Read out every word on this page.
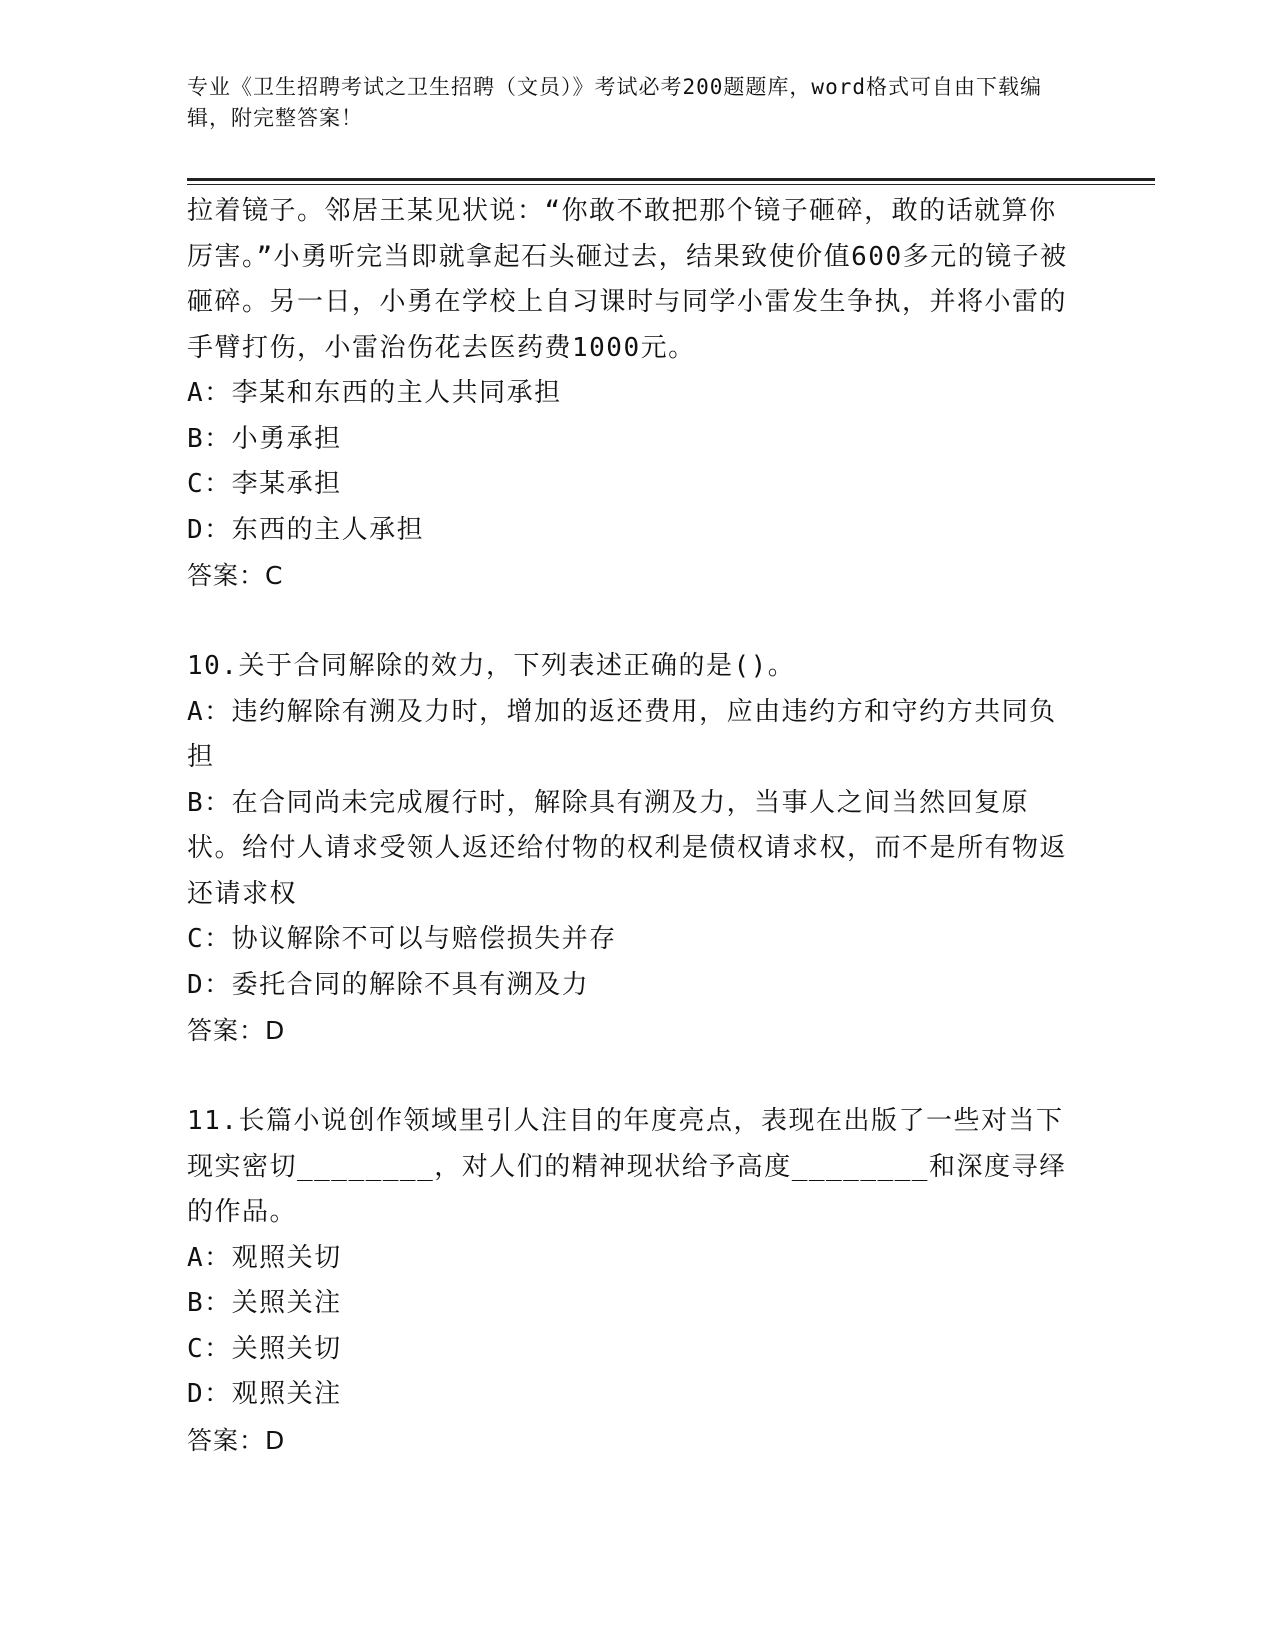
专业《卫生招聘考试之卫生招聘（文员）》考试必考200题题库，word格式可自由下载编辑，附完整答案！

拉着镜子。邻居王某见状说：“你敢不敢把那个镜子砸碎，敢的话就算你厉害。”小勇听完当即就拿起石头砸过去，结果致使价值600多元的镜子被砸碎。另一日，小勇在学校上自习课时与同学小雷发生争执，并将小雷的手臂打伤，小雷治伤花去医药费1000元。

A：李某和东西的主人共同承担

B：小勇承担

C：李某承担

D：东西的主人承担

答案：C

10.关于合同解除的效力，下列表述正确的是()。

A：违约解除有溯及力时，增加的返还费用，应由违约方和守约方共同负担

B：在合同尚未完成履行时，解除具有溯及力，当事人之间当然回复原状。给付人请求受领人返还给付物的权利是债权请求权，而不是所有物返还请求权

C：协议解除不可以与赔偿损失并存

D：委托合同的解除不具有溯及力

答案：D

11.长篇小说创作领域里引人注目的年度亮点，表现在出版了一些对当下现实密切________，对人们的精神现状给予高度________和深度寻绎的作品。

A：观照关切

B：关照关注

C：关照关切

D：观照关注

答案：D
